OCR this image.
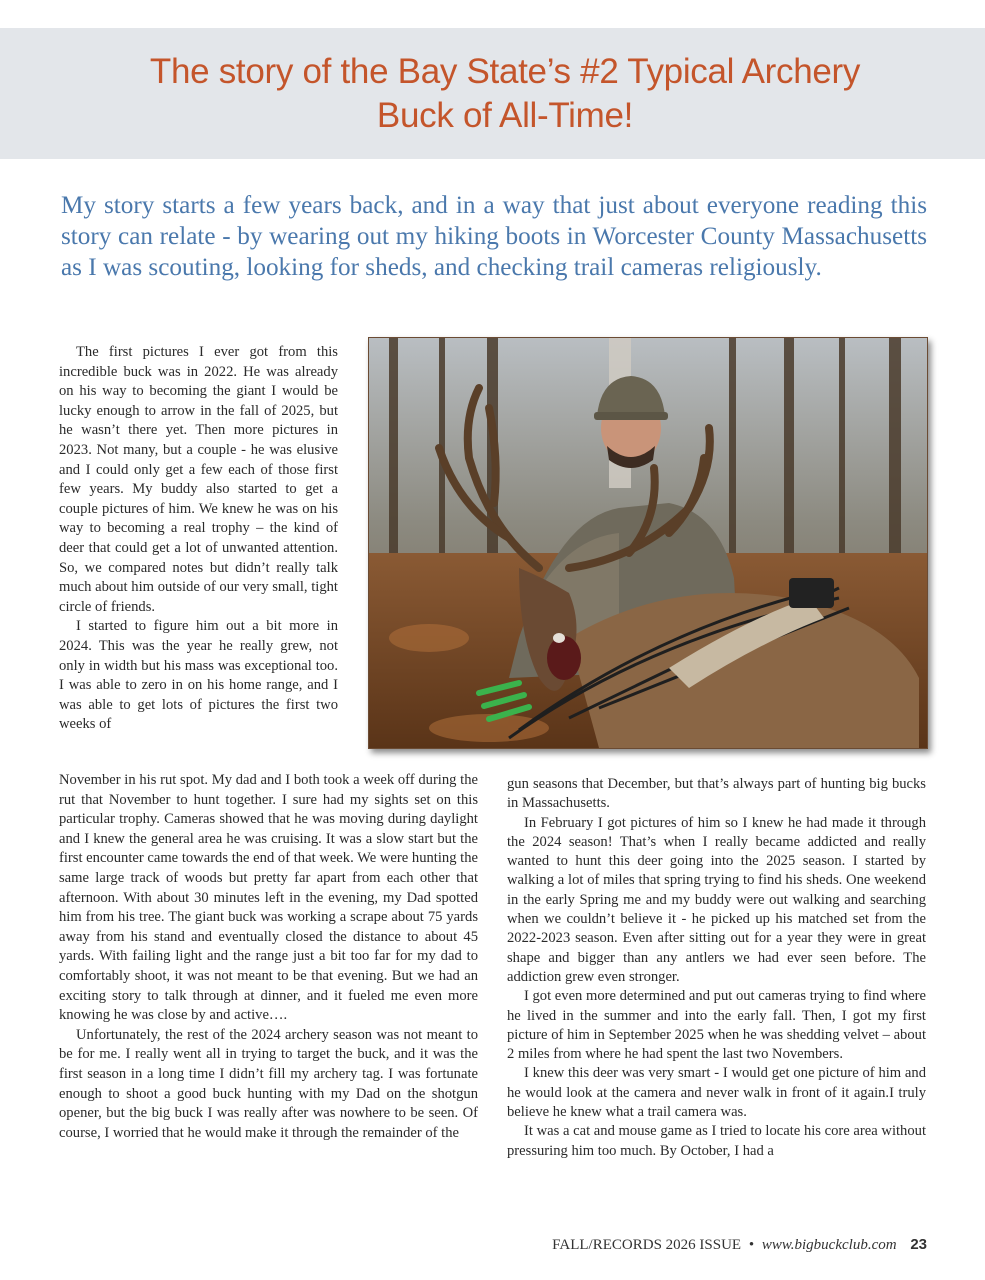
The story of the Bay State’s #2 Typical Archery
Buck of All-Time!

My story starts a few years back, and in a way that just about everyone reading this story can relate - by wearing out my hiking boots in Worcester County Massachusetts as I was scouting, looking for sheds, and checking trail cameras religiously.

The first pictures I ever got from this incredible buck was in 2022. He was already on his way to becoming the giant I would be lucky enough to arrow in the fall of 2025, but he wasn’t there yet. Then more pictures in 2023. Not many, but a couple - he was elusive and I could only get a few each of those first few years. My buddy also started to get a couple pictures of him. We knew he was on his way to becoming a real trophy – the kind of deer that could get a lot of unwanted attention. So, we compared notes but didn’t really talk much about him outside of our very small, tight circle of friends.

I started to figure him out a bit more in 2024. This was the year he really grew, not only in width but his mass was exceptional too. I was able to zero in on his home range, and I was able to get lots of pictures the first two weeks of

November in his rut spot. My dad and I both took a week off during the rut that November to hunt together. I sure had my sights set on this particular trophy. Cameras showed that he was moving during daylight and I knew the general area he was cruising. It was a slow start but the first encounter came towards the end of that week. We were hunting the same large track of woods but pretty far apart from each other that afternoon. With about 30 minutes left in the evening, my Dad spotted him from his tree. The giant buck was working a scrape about 75 yards away from his stand and eventually closed the distance to about 45 yards. With failing light and the range just a bit too far for my dad to comfortably shoot, it was not meant to be that evening. But we had an exciting story to talk through at dinner, and it fueled me even more knowing he was close by and active….

Unfortunately, the rest of the 2024 archery season was not meant to be for me. I really went all in trying to target the buck, and it was the first season in a long time I didn’t fill my archery tag. I was fortunate enough to shoot a good buck hunting with my Dad on the shotgun opener, but the big buck I was really after was nowhere to be seen. Of course, I worried that he would make it through the remainder of the

gun seasons that December, but that’s always part of hunting big bucks in Massachusetts.

In February I got pictures of him so I knew he had made it through the 2024 season! That’s when I really became addicted and really wanted to hunt this deer going into the 2025 season. I started by walking a lot of miles that spring trying to find his sheds. One weekend in the early Spring me and my buddy were out walking and searching when we couldn’t believe it - he picked up his matched set from the 2022-2023 season. Even after sitting out for a year they were in great shape and bigger than any antlers we had ever seen before. The addiction grew even stronger.

I got even more determined and put out cameras trying to find where he lived in the summer and into the early fall. Then, I got my first picture of him in September 2025 when he was shedding velvet – about 2 miles from where he had spent the last two Novembers.

I knew this deer was very smart - I would get one picture of him and he would look at the camera and never walk in front of it again.I truly believe he knew what a trail camera was.

It was a cat and mouse game as I tried to locate his core area without pressuring him too much. By October, I had a

FALL/RECORDS 2026 ISSUE • www.bigbuckclub.com 23
